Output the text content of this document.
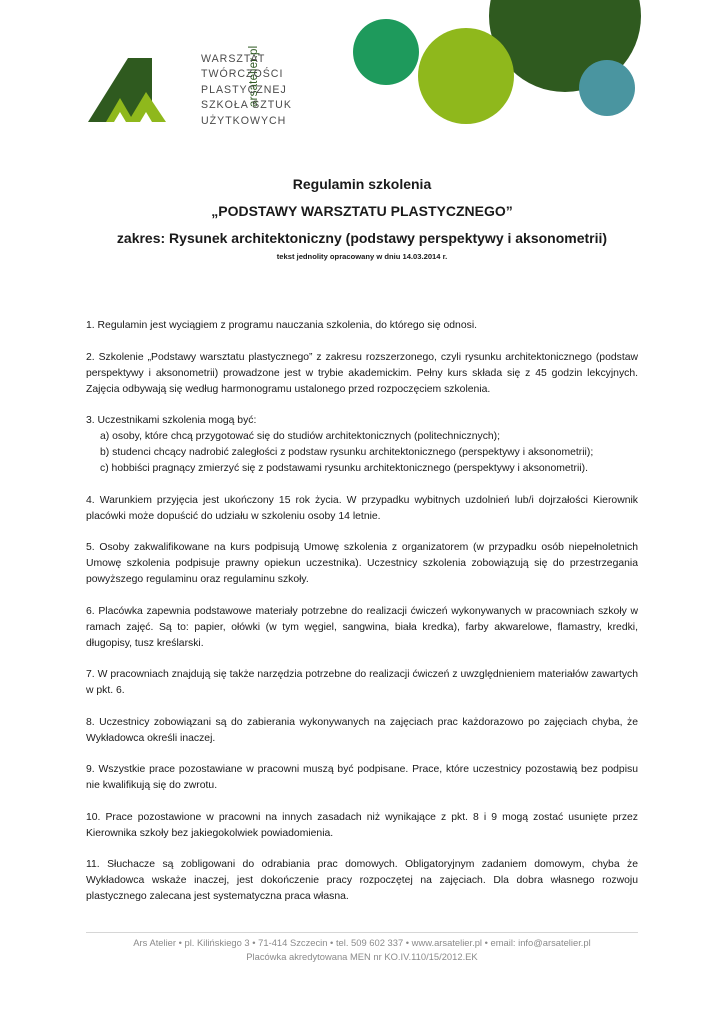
arsatelier.pl
WARSZTAT
TWÓRCZOŚCI
PLASTYCZNEJ
SZKOŁA SZTUK
UŻYTKOWYCH
Regulamin szkolenia
„PODSTAWY WARSZTATU PLASTYCZNEGO”
zakres: Rysunek architektoniczny (podstawy perspektywy i aksonometrii)
tekst jednolity opracowany w dniu 14.03.2014 r.

1. Regulamin jest wyciągiem z programu nauczania szkolenia, do którego się odnosi.

2. Szkolenie „Podstawy warsztatu plastycznego” z zakresu rozszerzonego, czyli rysunku architektonicznego (podstaw perspektywy i aksonometrii) prowadzone jest w trybie akademickim. Pełny kurs składa się z 45 godzin lekcyjnych. Zajęcia odbywają się według harmonogramu ustalonego przed rozpoczęciem szkolenia.

3. Uczestnikami szkolenia mogą być:
a) osoby, które chcą przygotować się do studiów architektonicznych (politechnicznych);
b) studenci chcący nadrobić zaległości z podstaw rysunku architektonicznego (perspektywy i aksonometrii);
c) hobbiści pragnący zmierzyć się z podstawami rysunku architektonicznego (perspektywy i aksonometrii).

4. Warunkiem przyjęcia jest ukończony 15 rok życia. W przypadku wybitnych uzdolnień lub/i dojrzałości Kierownik placówki może dopuścić do udziału w szkoleniu osoby 14 letnie.

5. Osoby zakwalifikowane na kurs podpisują Umowę szkolenia z organizatorem (w przypadku osób niepełnoletnich Umowę szkolenia podpisuje prawny opiekun uczestnika). Uczestnicy szkolenia zobowiązują się do przestrzegania powyższego regulaminu oraz regulaminu szkoły.

6. Placówka zapewnia podstawowe materiały potrzebne do realizacji ćwiczeń wykonywanych w pracowniach szkoły w ramach zajęć. Są to: papier, ołówki (w tym węgiel, sangwina, biała kredka), farby akwarelowe, flamastry, kredki, długopisy, tusz kreślarski.

7. W pracowniach znajdują się także narzędzia potrzebne do realizacji ćwiczeń z uwzględnieniem materiałów zawartych w pkt. 6.

8. Uczestnicy zobowiązani są do zabierania wykonywanych na zajęciach prac każdorazowo po zajęciach chyba, że Wykładowca określi inaczej.

9. Wszystkie prace pozostawiane w pracowni muszą być podpisane. Prace, które uczestnicy pozostawią bez podpisu nie kwalifikują się do zwrotu.

10. Prace pozostawione w pracowni na innych zasadach niż wynikające z pkt. 8 i 9 mogą zostać usunięte przez Kierownika szkoły bez jakiegokolwiek powiadomienia.

11. Słuchacze są zobligowani do odrabiania prac domowych. Obligatoryjnym zadaniem domowym, chyba że Wykładowca wskaże inaczej, jest dokończenie pracy rozpoczętej na zajęciach. Dla dobra własnego rozwoju plastycznego zalecana jest systematyczna praca własna.

Ars Atelier • pl. Kilińskiego 3 • 71-414 Szczecin • tel. 509 602 337 • www.arsatelier.pl • email: info@arsatelier.pl
Placówka akredytowana MEN nr KO.IV.110/15/2012.EK
